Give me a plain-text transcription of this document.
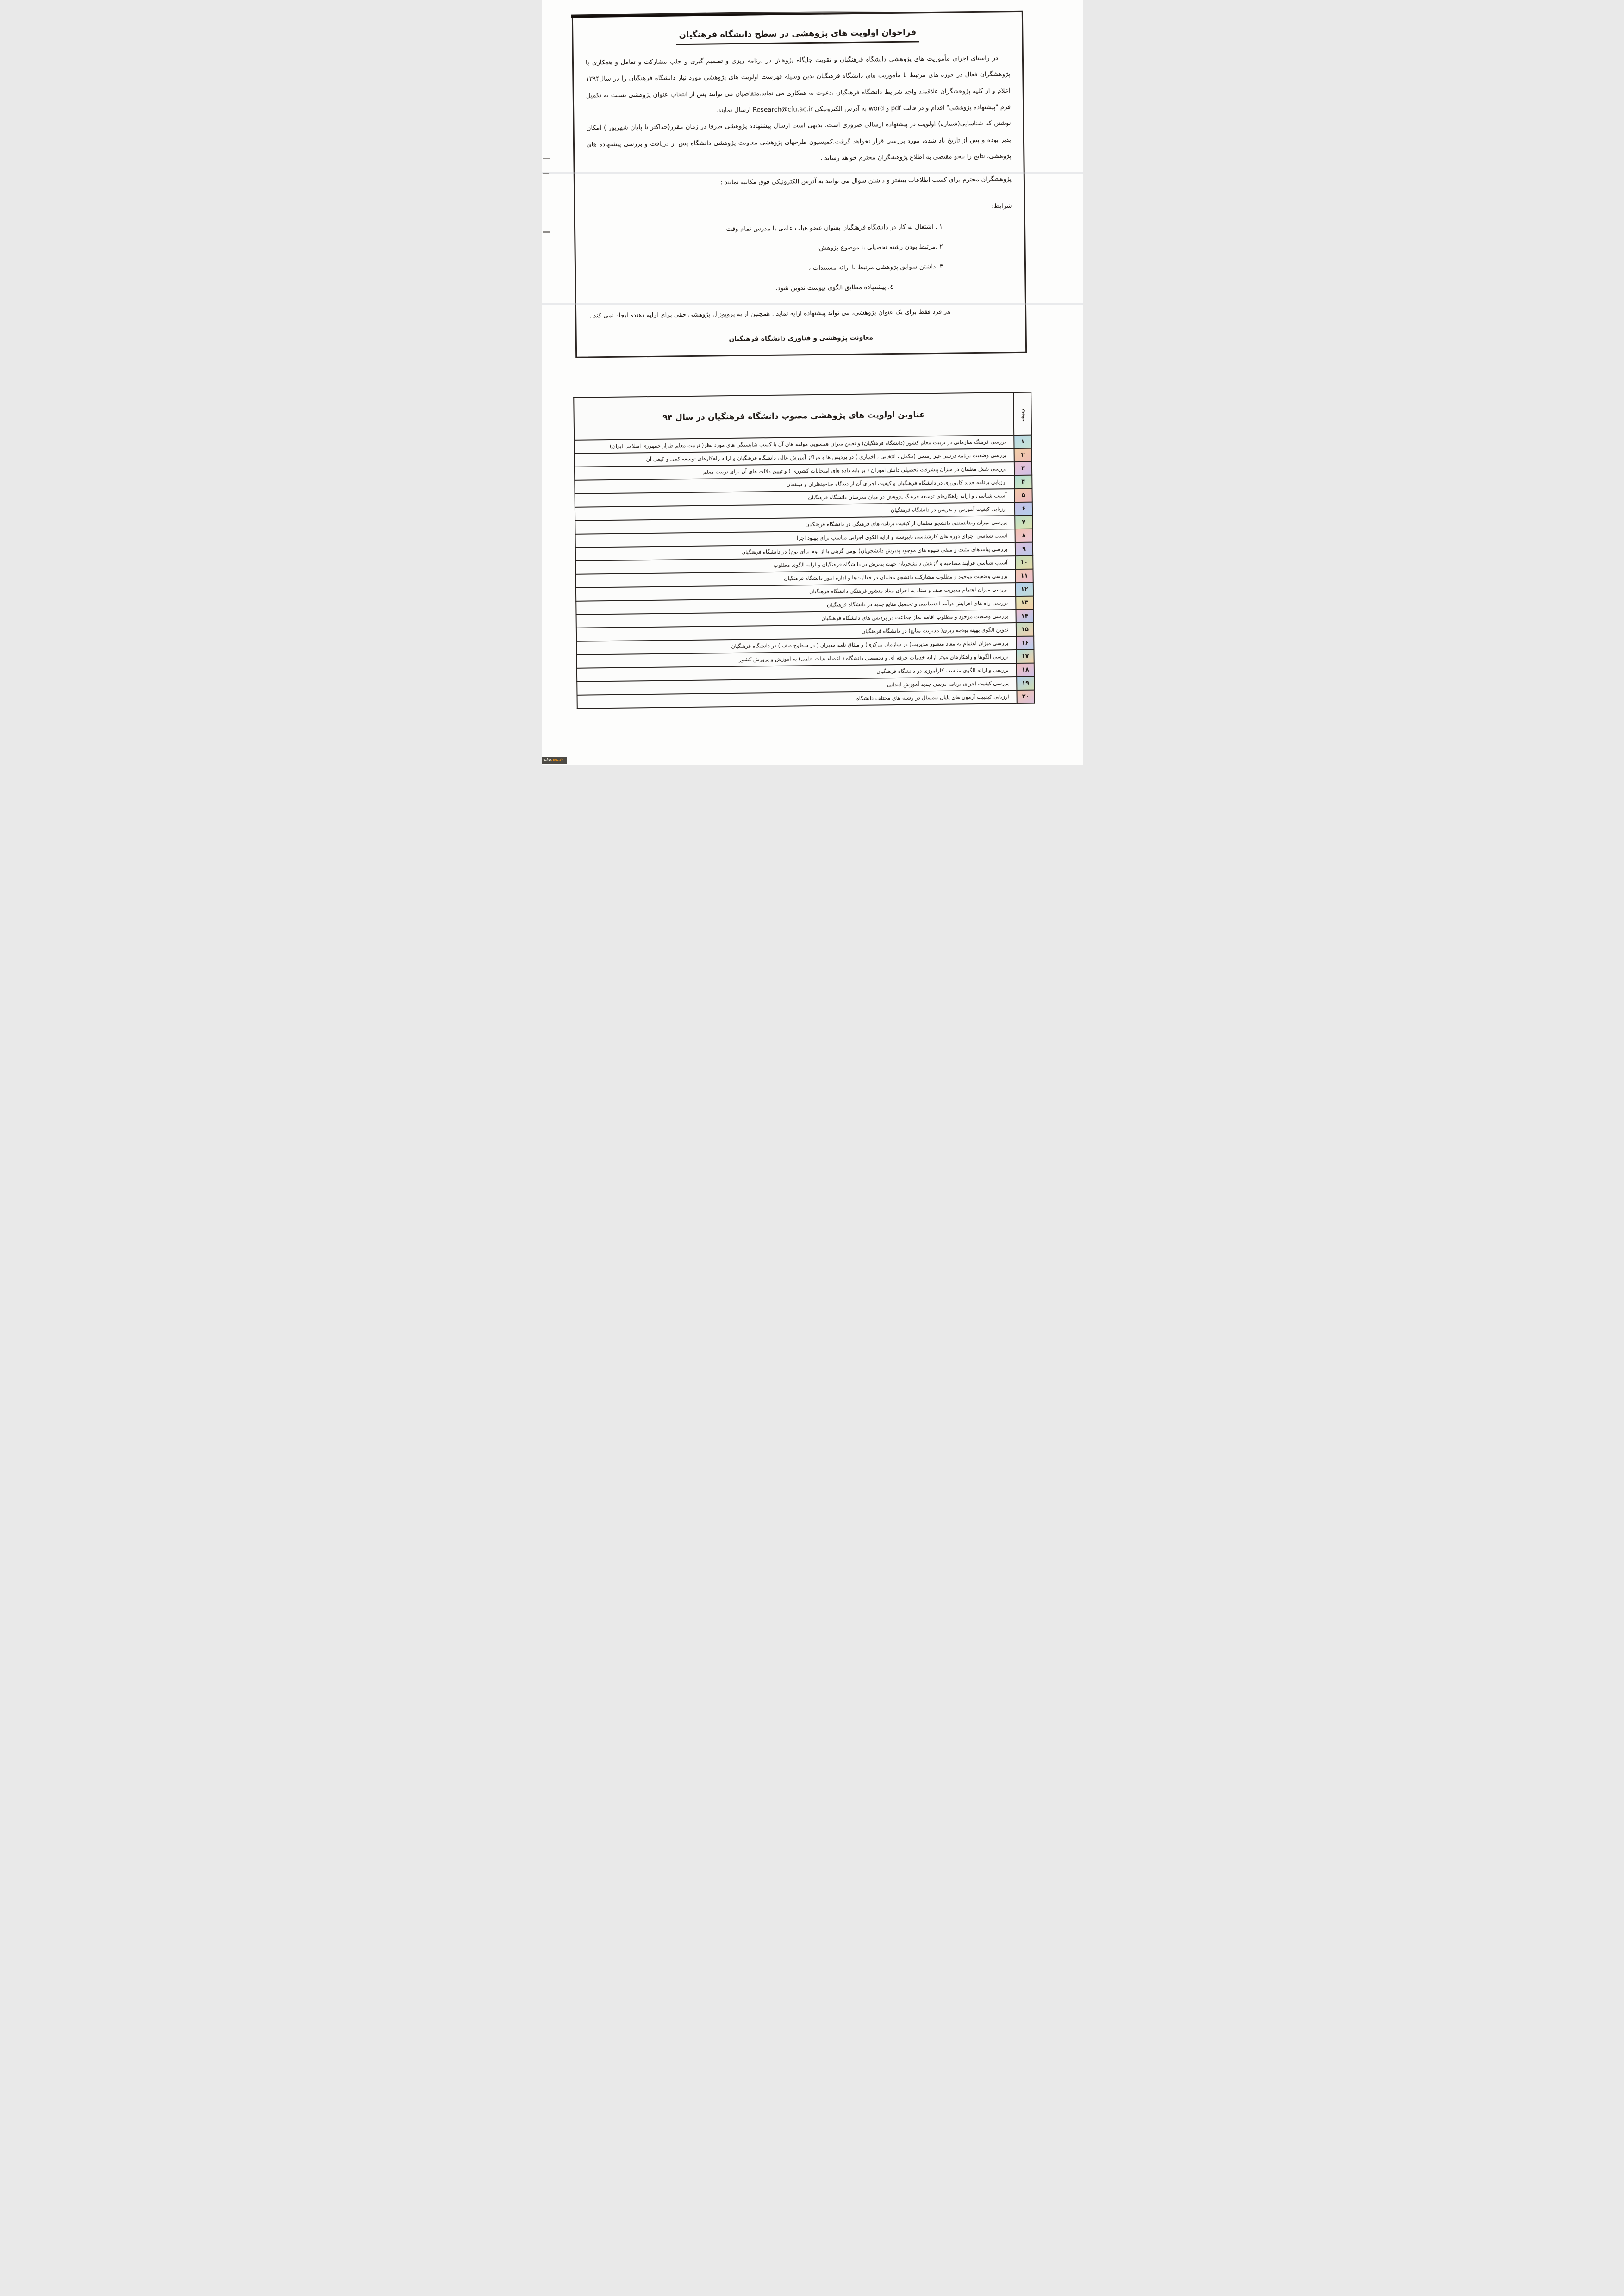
فراخوان اولویت های پژوهشی در سطح دانشگاه فرهنگیان

در راستای اجرای مأموریت های پژوهشی دانشگاه فرهنگیان و تقویت جایگاه پژوهش در برنامه ریزی و تصمیم گیری و جلب مشارکت و تعامل و همکاری با پژوهشگران فعال در حوزه های مرتبط با مأموریت های دانشگاه فرهنگیان بدین وسیله فهرست اولویت های پژوهشی مورد نیاز دانشگاه فرهنگیان را در سال۱۳۹۴ اعلام و از کلیه پژوهشگران علاقمند واجد شرایط دانشگاه فرهنگیان ،دعوت به همکاری می نماید.متقاضیان می توانند پس از انتخاب عنوان پژوهشی نسبت به تکمیل فرم "پیشنهاده پژوهشی" اقدام و در قالب pdf و word به آدرس الکترونیکی Research@cfu.ac.ir ارسال نمایند.

نوشتن کد شناسایی(شماره) اولویت در پیشنهاده ارسالی ضروری است. بدیهی است ارسال پیشنهاده پژوهشی صرفا در زمان مقرر(حداکثر تا پایان شهریور ) امکان پذیر بوده و پس از تاریخ یاد شده، مورد بررسی قرار نخواهد گرفت.کمیسیون طرحهای پژوهشی معاونت پژوهشی دانشگاه پس از دریافت و بررسی پیشنهاده های پژوهشی، نتایج را بنحو مقتضی به اطلاع پژوهشگران محترم خواهد رساند .

پژوهشگران محترم برای کسب اطلاعات بیشتر و داشتن سوال می توانند به آدرس الکترونیکی فوق مکاتبه نمایند :

شرایط:
۱ . اشتغال به کار در دانشگاه فرهنگیان بعنوان عضو هیات علمی یا مدرس تمام وقت
۲ .مرتبط بودن رشته تحصیلی با موضوع پژوهش،
۳ .داشتن سوابق پژوهشی مرتبط با ارائه مستندات ،
٤. پیشنهاده مطابق الگوی پیوست تدوین شود.

هر فرد فقط برای یک عنوان پژوهشی، می تواند پیشنهاده ارایه نماید . همچنین ارایه پروپوزال پژوهشی حقی برای ارایه دهنده ایجاد نمی کند .

معاونت پژوهشی و فناوری دانشگاه فرهنگیان
ردیف	عناوین اولویت های پژوهشی مصوب دانشگاه فرهنگیان در سال ۹۴
۱	بررسی فرهنگ سازمانی در تربیت معلم کشور (دانشگاه فرهنگیان) و تعیین میزان همسویی مولفه های آن با کسب شایستگی های مورد نظر( تربیت معلم طراز جمهوری اسلامی ایران)
۲	بررسی وضعیت برنامه درسی غیر رسمی (مکمل ، انتخابی ، اختیاری ) در پردیس ها و مراکز آموزش عالی دانشگاه فرهنگیان و ارائه راهکارهای توسعه کمی و کیفی آن
۳	بررسی نقش معلمان در میزان پیشرفت تحصیلی دانش آموزان ( بر پایه داده های امتحانات کشوری ) و تبیین دلالت های آن برای تربیت معلم
۴	ارزیابی برنامه جدید کارورزی در دانشگاه فرهنگیان و کیفیت اجرای آن از دیدگاه صاحبنظران و ذینفعان
۵	آسیب شناسی و ارایه راهکارهای توسعه فرهنگ پژوهش در میان مدرسان دانشگاه فرهنگیان
۶	ارزیابی کیفیت آموزش و تدریس در دانشگاه فرهنگیان
۷	بررسی میزان رضایتمندی دانشجو معلمان از کیفیت برنامه های فرهنگی در دانشگاه فرهنگیان
۸	آسیب شناسی اجرای دوره های کارشناسی ناپیوسته و ارایه الگوی اجرایی مناسب برای بهبود اجرا
۹	بررسی پیامدهای مثبت و منفی شیوه های موجود پذیرش دانشجویان( بومی گزینی یا از بوم برای بوم) در دانشگاه فرهنگیان
۱۰	آسیب شناسی فرآیند مصاحبه و گزینش دانشجویان جهت پذیرش در دانشگاه فرهنگیان و ارایه الگوی مطلوب
۱۱	بررسی وضعیت موجود و مطلوب مشارکت دانشجو معلمان در فعالیت‌ها و اداره امور دانشگاه فرهنگیان
۱۲	بررسی میزان اهتمام مدیریت صف و ستاد به اجرای مفاد منشور فرهنگی دانشگاه فرهنگیان
۱۳	بررسی راه های افزایش درآمد اختصاصی و تحصیل منابع جدید در دانشگاه فرهنگیان
۱۴	بررسی وضعیت موجود و مطلوب اقامه نماز جماعت در پردیس های دانشگاه فرهنگیان
۱۵	تدوین الگوی بهینه بودجه ریزی( مدیریت منابع) در دانشگاه فرهنگیان
۱۶	بررسی میزان اهتمام به مفاد منشور مدیریت( در سازمان مرکزی) و میثاق نامه مدیران ( در سطوح صف ) در دانشگاه فرهنگیان
۱۷	بررسی الگوها و راهکارهای موثر ارایه خدمات حرفه ای و تخصصی دانشگاه ( اعضاء هیات علمی) به آموزش و پرورش کشور
۱۸	بررسی و ارائه الگوی مناسب کارآموزی در دانشگاه فرهنگیان
۱۹	بررسی کیفیت اجرای برنامه درسی جدید آموزش ابتدایی
۲۰	ارزیابی کیقییت آزمون های پایان نیمسال در رشته های مختلف دانشگاه
cfu.ac.ir
